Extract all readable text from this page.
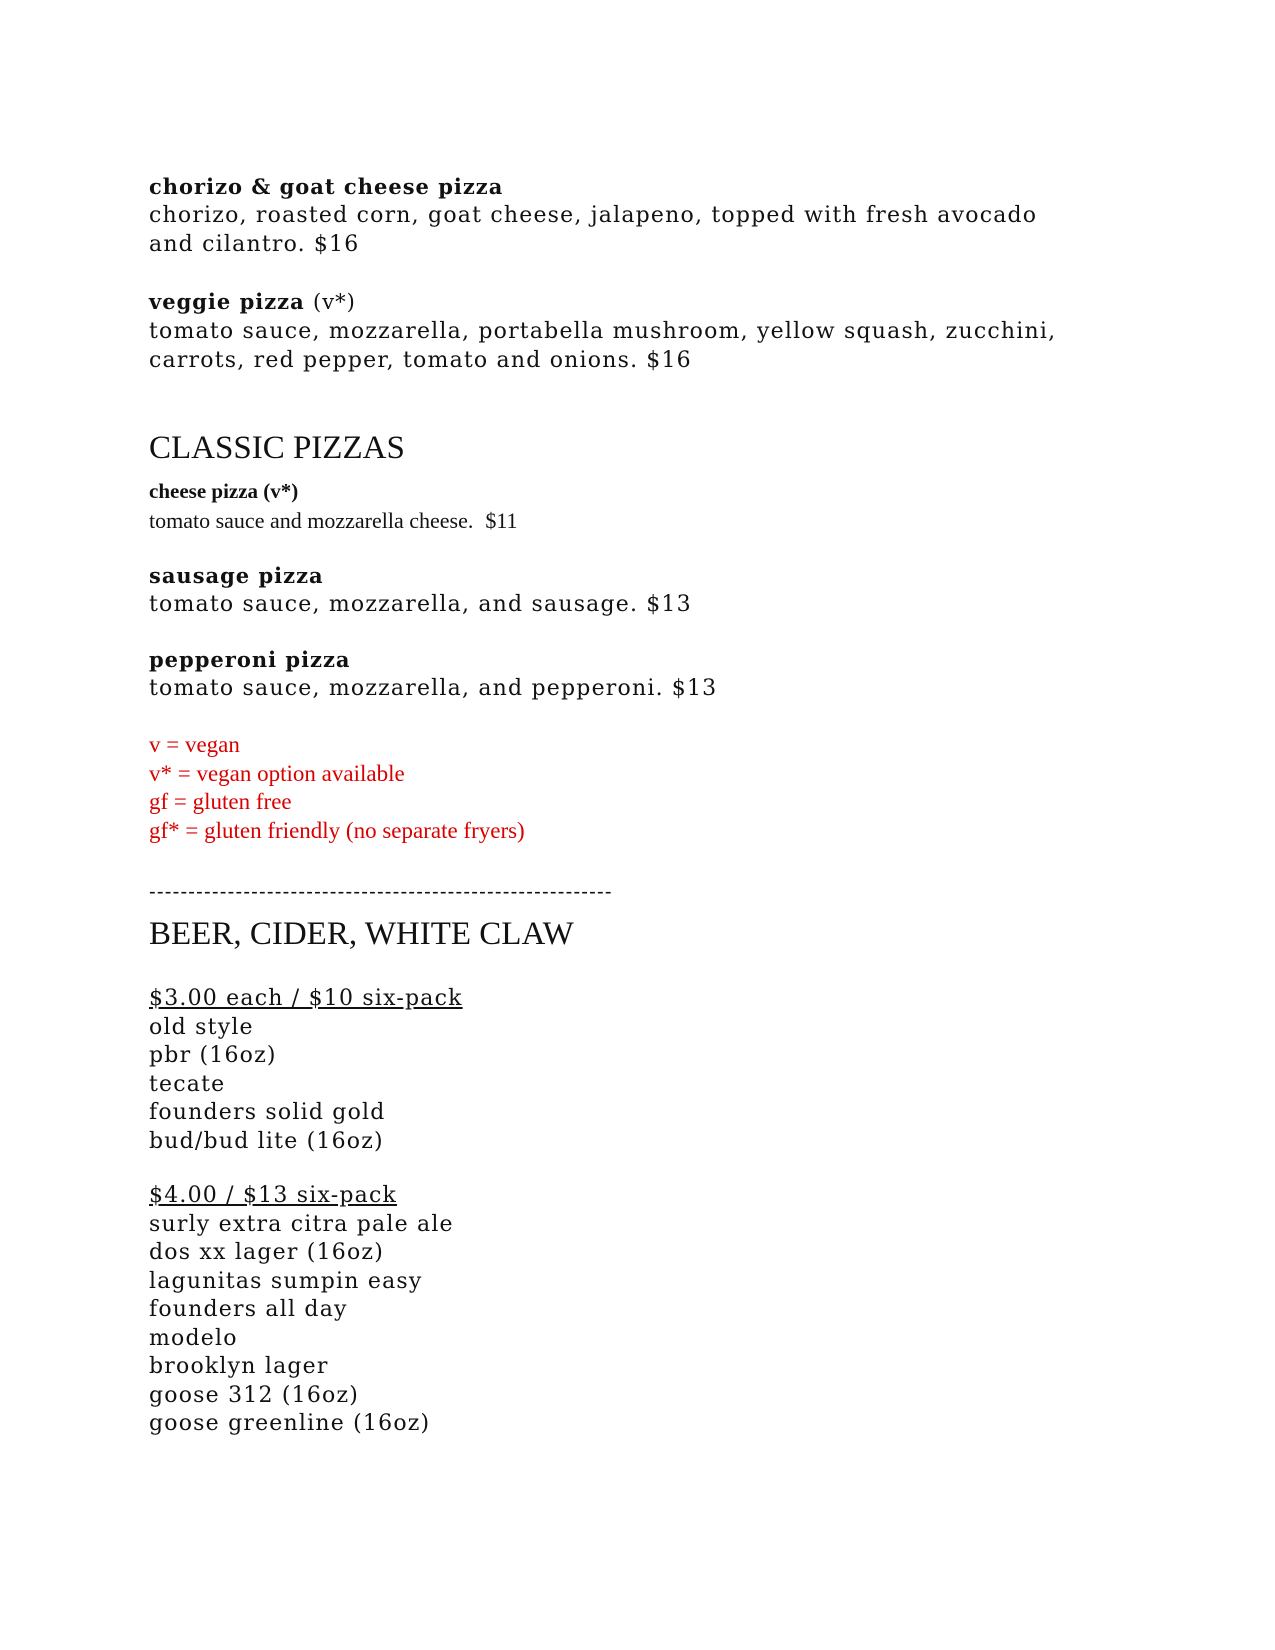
chorizo & goat cheese pizza

chorizo, roasted corn, goat cheese, jalapeno, topped with fresh avocado
and cilantro. $16

veggie pizza (v*)

tomato sauce, mozzarella, portabella mushroom, yellow squash, zucchini,
carrots, red pepper, tomato and onions. $16

CLASSIC PIZZAS

cheese pizza (v*)

tomato sauce and mozzarella cheese. $11

sausage pizza

tomato sauce, mozzarella, and sausage. $13

pepperoni pizza

tomato sauce, mozzarella, and pepperoni. $13

v = vegan

v* = vegan option available

gf = gluten free

gf* = gluten friendly (no separate fryers)

-----------------------------------------------------------

BEER, CIDER, WHITE CLAW

$3.00 each / $10 six-pack

old style
pbr (16oz)
tecate
founders solid gold
bud/bud lite (16oz)

$4.00 / $13 six-pack

surly extra citra pale ale
dos xx lager (16oz)
lagunitas sumpin easy
founders all day
modelo
brooklyn lager
goose 312 (16oz)
goose greenline (16oz)
